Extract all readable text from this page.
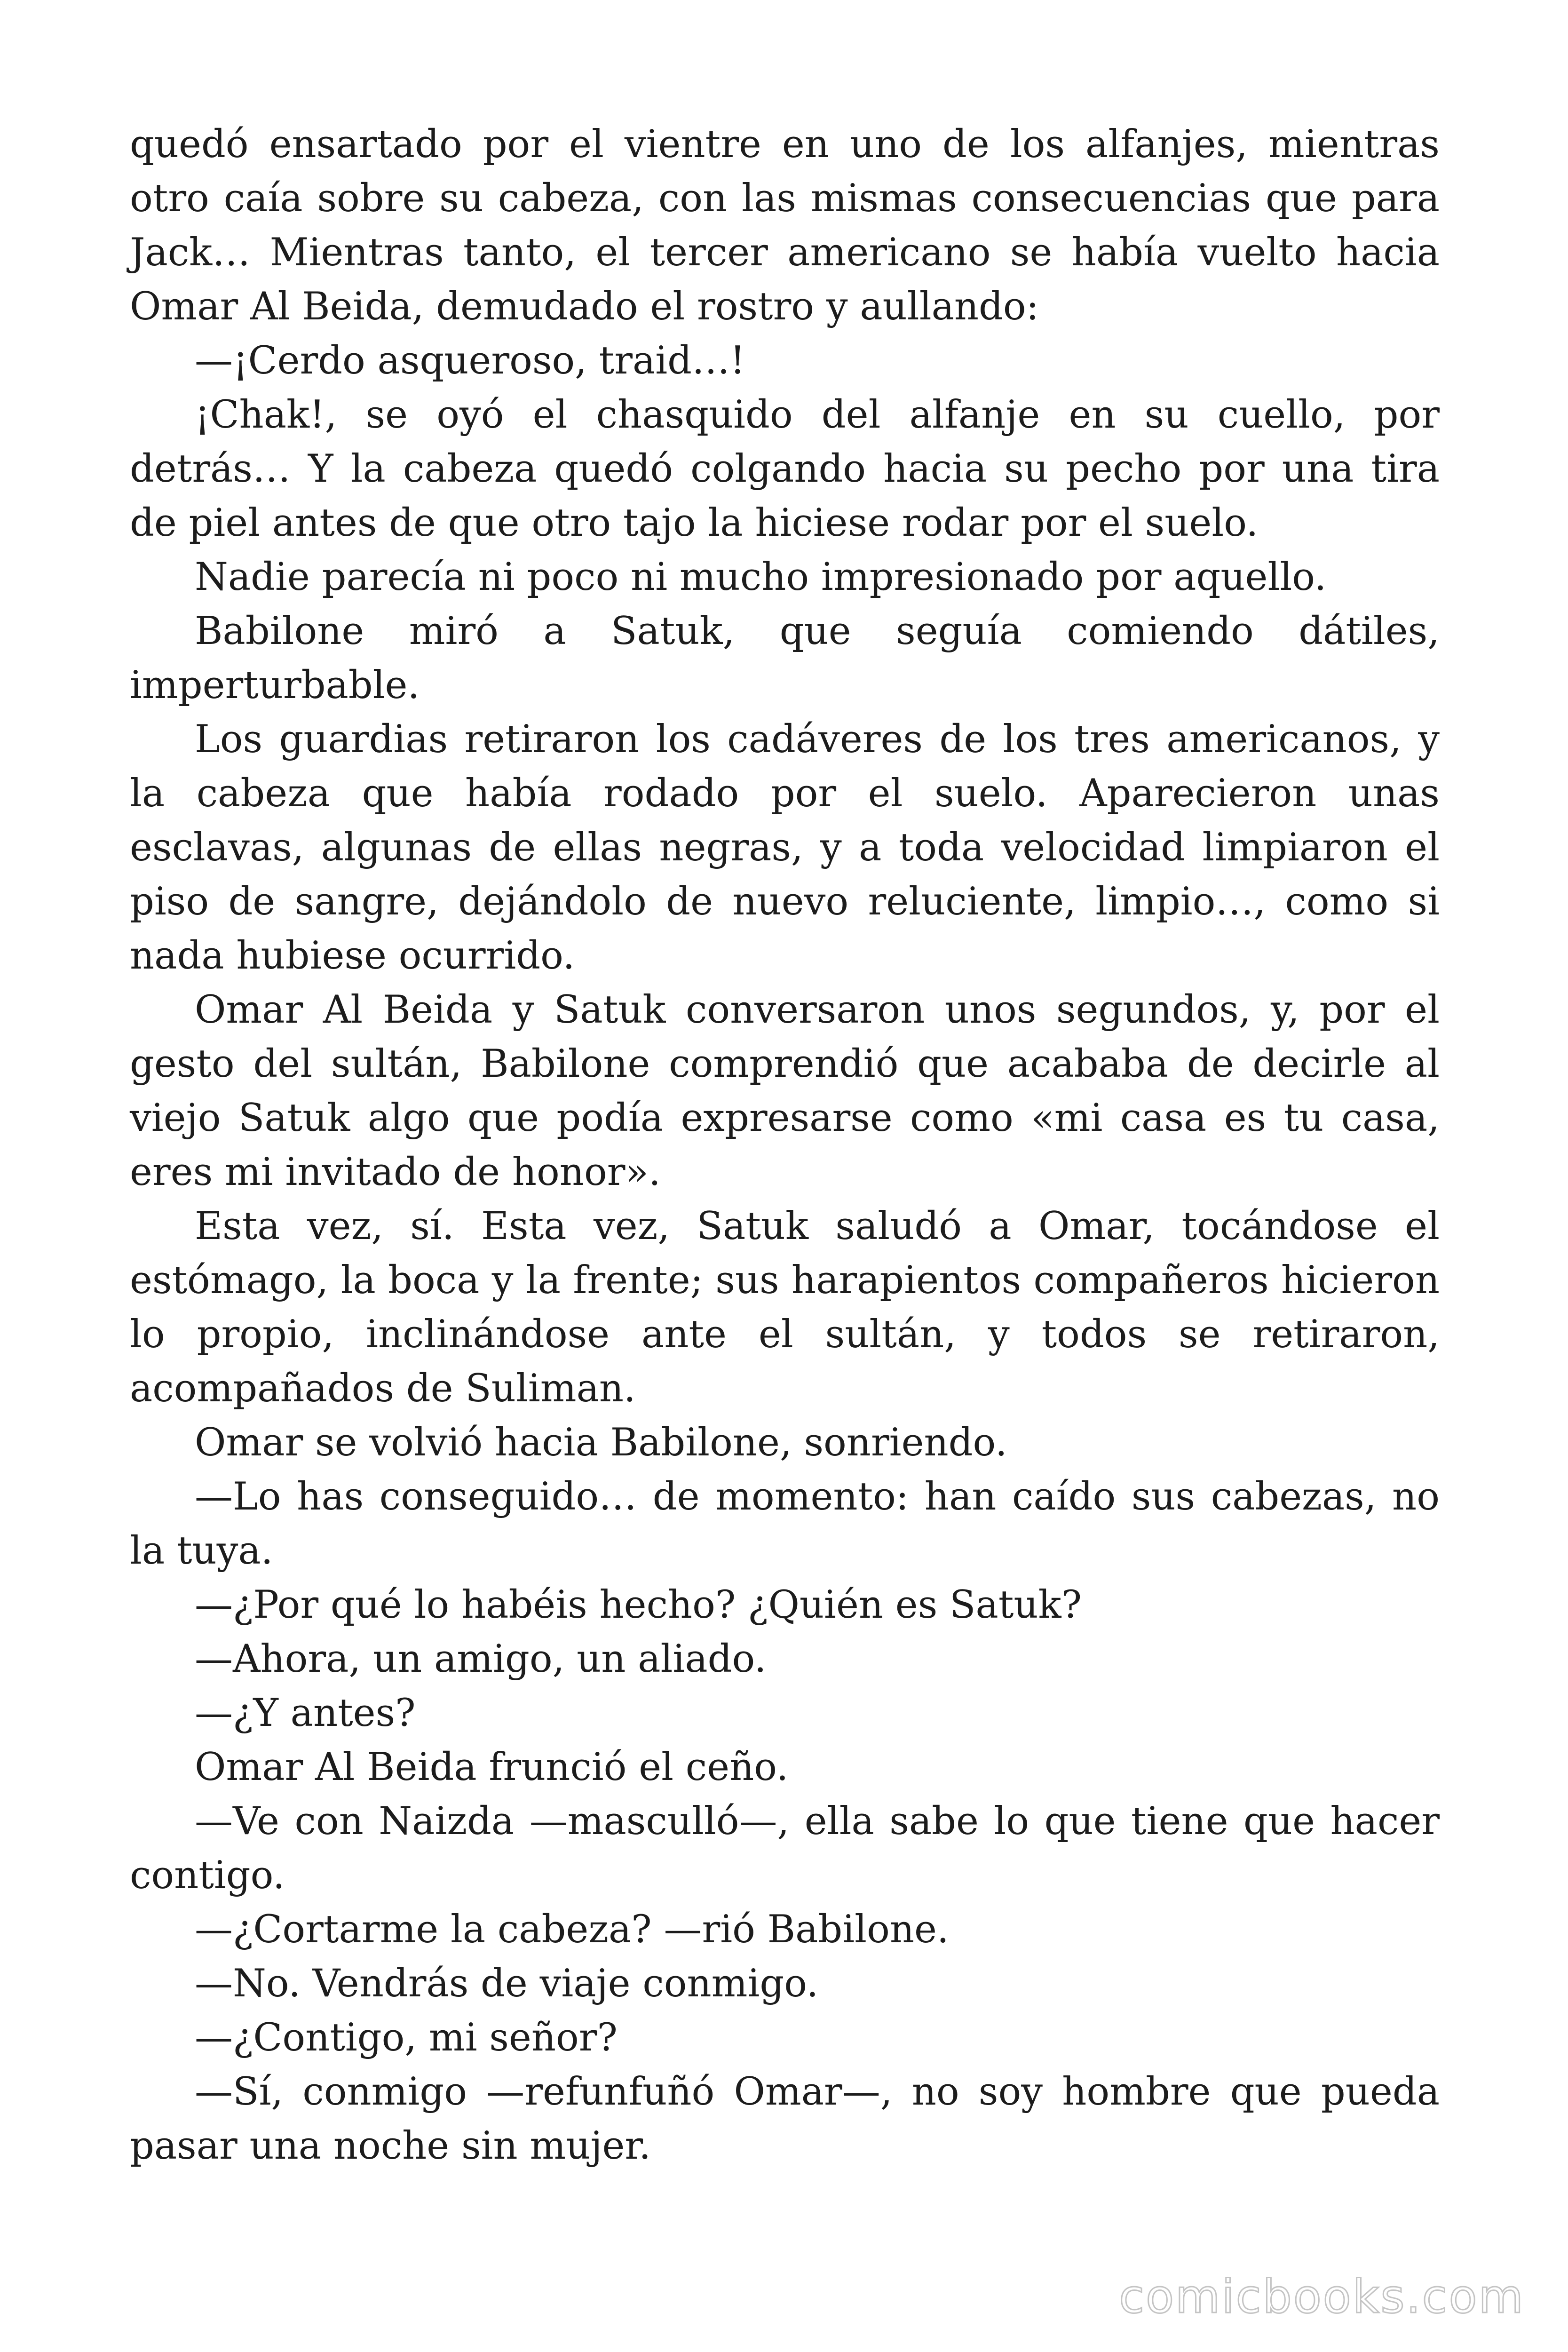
quedó ensartado por el vientre en uno de los alfanjes, mientras otro caía sobre su cabeza, con las mismas consecuencias que para Jack… Mientras tanto, el tercer americano se había vuelto hacia Omar Al Beida, demudado el rostro y aullando:

—¡Cerdo asqueroso, traid…!

¡Chak!, se oyó el chasquido del alfanje en su cuello, por detrás… Y la cabeza quedó colgando hacia su pecho por una tira de piel antes de que otro tajo la hiciese rodar por el suelo.

Nadie parecía ni poco ni mucho impresionado por aquello.

Babilone miró a Satuk, que seguía comiendo dátiles, imperturbable.

Los guardias retiraron los cadáveres de los tres americanos, y la cabeza que había rodado por el suelo. Aparecieron unas esclavas, algunas de ellas negras, y a toda velocidad limpiaron el piso de sangre, dejándolo de nuevo reluciente, limpio…, como si nada hubiese ocurrido.

Omar Al Beida y Satuk conversaron unos segundos, y, por el gesto del sultán, Babilone comprendió que acababa de decirle al viejo Satuk algo que podía expresarse como «mi casa es tu casa, eres mi invitado de honor».

Esta vez, sí. Esta vez, Satuk saludó a Omar, tocándose el estómago, la boca y la frente; sus harapientos compañeros hicieron lo propio, inclinándose ante el sultán, y todos se retiraron, acompañados de Suliman.

Omar se volvió hacia Babilone, sonriendo.

—Lo has conseguido… de momento: han caído sus cabezas, no la tuya.

—¿Por qué lo habéis hecho? ¿Quién es Satuk?

—Ahora, un amigo, un aliado.

—¿Y antes?

Omar Al Beida frunció el ceño.

—Ve con Naizda —masculló—, ella sabe lo que tiene que hacer contigo.

—¿Cortarme la cabeza? —rió Babilone.

—No. Vendrás de viaje conmigo.

—¿Contigo, mi señor?

—Sí, conmigo —refunfuñó Omar—, no soy hombre que pueda pasar una noche sin mujer.

comicbooks.com
